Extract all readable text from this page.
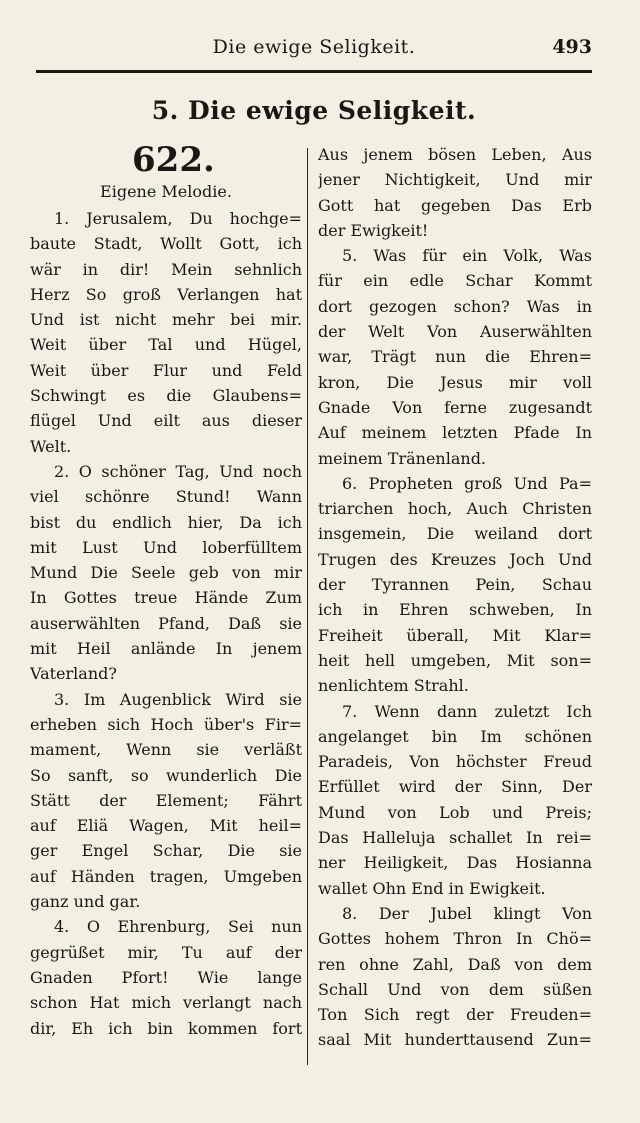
Die ewige Seligkeit.	493
5. Die ewige Seligkeit.
622.
Eigene Melodie.
1. Jerusalem, Du hochge=
baute Stadt, Wollt Gott, ich
wär in dir! Mein sehnlich
Herz So groß Verlangen hat
Und ist nicht mehr bei mir.
Weit über Tal und Hügel,
Weit über Flur und Feld
Schwingt es die Glaubens=
flügel Und eilt aus dieser
Welt.
2. O schöner Tag, Und noch
viel schönre Stund! Wann
bist du endlich hier, Da ich
mit Lust Und loberfülltem
Mund Die Seele geb von mir
In Gottes treue Hände Zum
auserwählten Pfand, Daß sie
mit Heil anlände In jenem
Vaterland?
3. Im Augenblick Wird sie
erheben sich Hoch über's Fir=
mament, Wenn sie verläßt
So sanft, so wunderlich Die
Stätt der Element; Fährt
auf Eliä Wagen, Mit heil=
ger Engel Schar, Die sie
auf Händen tragen, Umgeben
ganz und gar.
4. O Ehrenburg, Sei nun
gegrüßet mir, Tu auf der
Gnaden Pfort! Wie lange
schon Hat mich verlangt nach
dir, Eh ich bin kommen fort
Aus jenem bösen Leben, Aus
jener Nichtigkeit, Und mir
Gott hat gegeben Das Erb
der Ewigkeit!
5. Was für ein Volk, Was
für ein edle Schar Kommt
dort gezogen schon? Was in
der Welt Von Auserwählten
war, Trägt nun die Ehren=
kron, Die Jesus mir voll
Gnade Von ferne zugesandt
Auf meinem letzten Pfade In
meinem Tränenland.
6. Propheten groß Und Pa=
triarchen hoch, Auch Christen
insgemein, Die weiland dort
Trugen des Kreuzes Joch Und
der Tyrannen Pein, Schau
ich in Ehren schweben, In
Freiheit überall, Mit Klar=
heit hell umgeben, Mit son=
nenlichtem Strahl.
7. Wenn dann zuletzt Ich
angelanget bin Im schönen
Paradeis, Von höchster Freud
Erfüllet wird der Sinn, Der
Mund von Lob und Preis;
Das Halleluja schallet In rei=
ner Heiligkeit, Das Hosianna
wallet Ohn End in Ewigkeit.
8. Der Jubel klingt Von
Gottes hohem Thron In Chö=
ren ohne Zahl, Daß von dem
Schall Und von dem süßen
Ton Sich regt der Freuden=
saal Mit hunderttausend Zun=
